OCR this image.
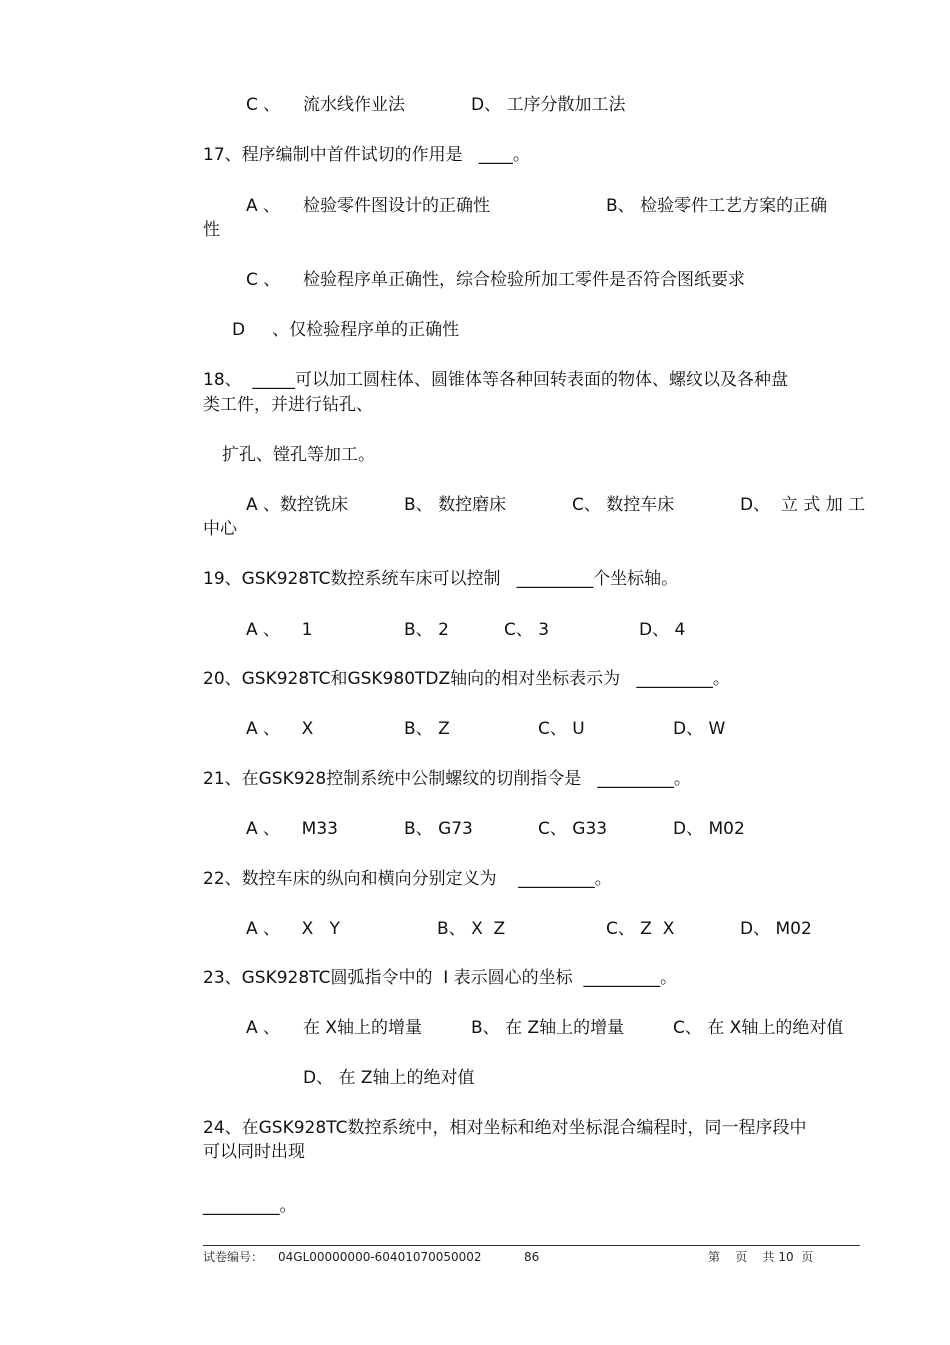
C 、 流水线作业法	D、 工序分散加工法
17、程序编制中首件试切的作用是   ____。
A 、 检验零件图设计的正确性	B、 检验零件工艺方案的正确
性
C 、 检验程序单正确性，综合检验所加工零件是否符合图纸要求
D     、仅检验程序单的正确性
18、  _____可以加工圆柱体、圆锥体等各种回转表面的物体、螺纹以及各种盘
类工件，并进行钻孔、
扩孔、镗孔等加工。
A 、数控铣床	B、 数控磨床	C、 数控车床	D、  立 式 加 工
中心
19、GSK928TC数控系统车床可以控制   _________个坐标轴。
A 、    1	B、 2	C、 3	D、 4
20、GSK928TC和GSK980TDZ轴向的相对坐标表示为   _________。
A 、    X	B、 Z	C、 U	D、 W
21、在GSK928控制系统中公制螺纹的切削指令是   _________。
A 、    M33	B、 G73	C、 G33	D、 M02
22、数控车床的纵向和横向分别定义为    _________。
A 、    X   Y	B、 X  Z	C、 Z  X	D、 M02
23、GSK928TC圆弧指令中的  I 表示圆心的坐标  _________。
A 、 在 X轴上的增量	B、 在 Z轴上的增量	C、 在 X轴上的绝对值
D、 在 Z轴上的绝对值
24、在GSK928TC数控系统中，相对坐标和绝对坐标混合编程时，同一程序段中
可以同时出现
_________。
试卷编号： 04GL00000000-60401070050002	86	第    页    共 10  页
